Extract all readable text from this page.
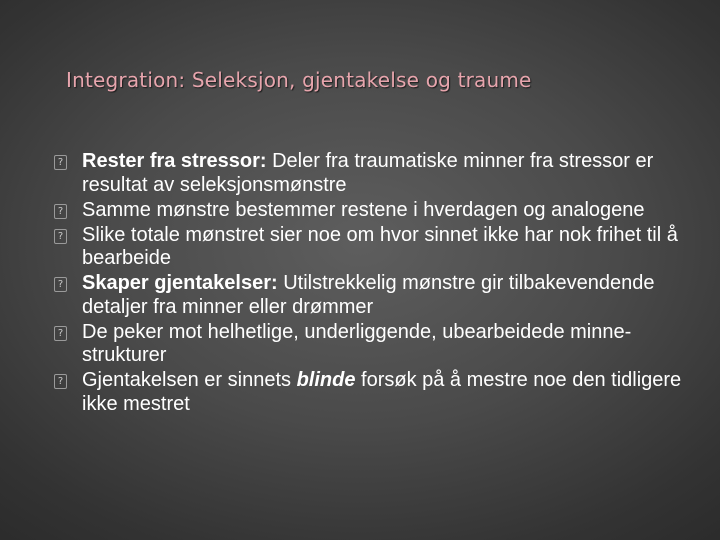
Integration: Seleksjon, gjentakelse og traume
? Rester fra stressor: Deler fra traumatiske minner fra stressor er resultat av seleksjonsmønstre
? Samme mønstre bestemmer restene i hverdagen og analogene
? Slike totale mønstret sier noe om hvor sinnet ikke har nok frihet til å bearbeide
? Skaper gjentakelser: Utilstrekkelig mønstre gir tilbakevendende detaljer fra minner eller drømmer
? De peker mot helhetlige, underliggende, ubearbeidede minne-strukturer
? Gjentakelsen er sinnets blinde forsøk på å mestre noe den tidligere ikke mestret
